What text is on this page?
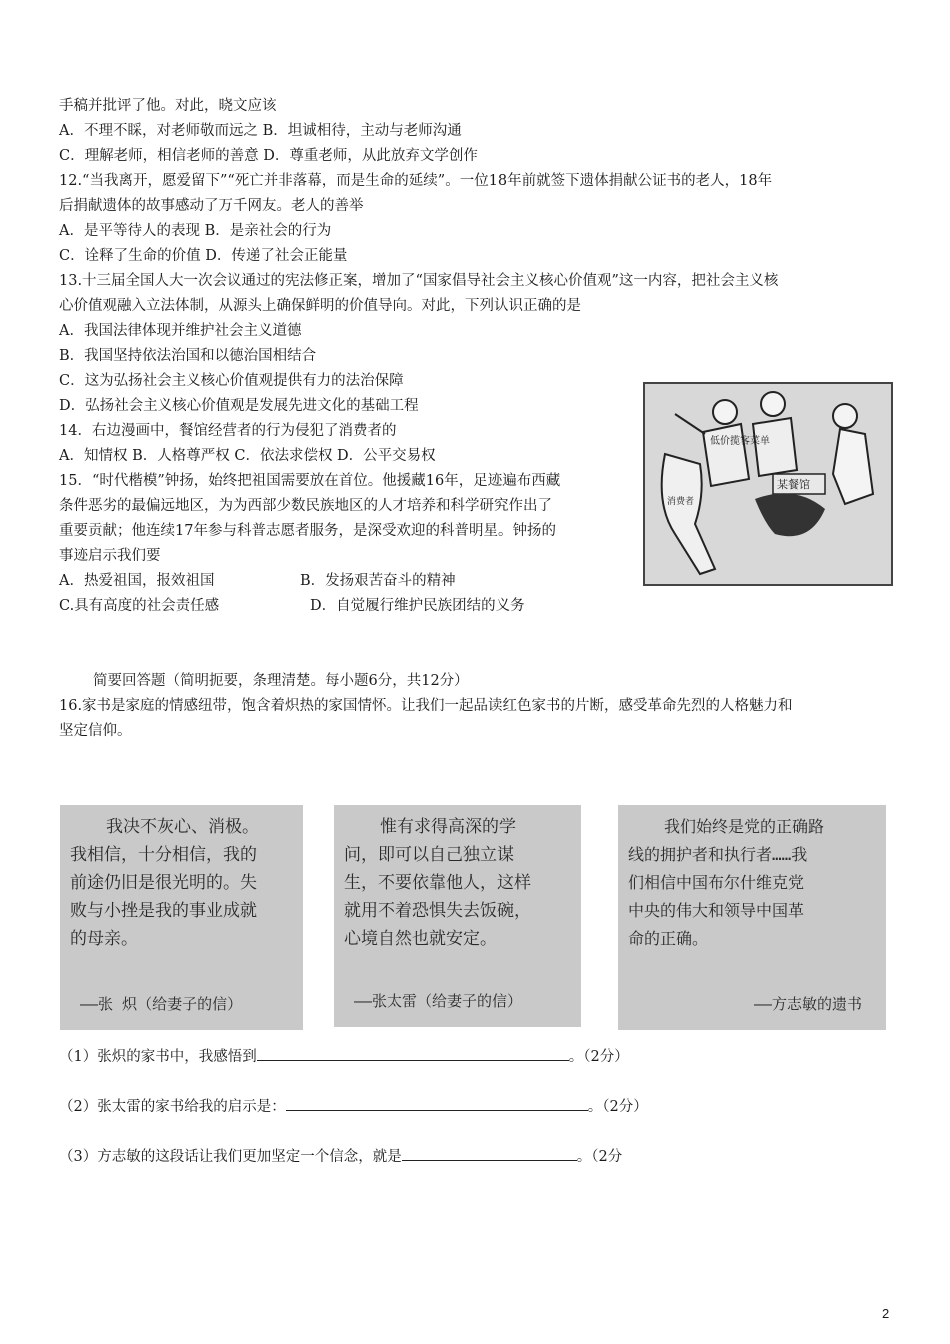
手稿并批评了他。对此，晓文应该
A．不理不睬，对老师敬而远之 B．坦诚相待，主动与老师沟通
C．理解老师，相信老师的善意 D．尊重老师，从此放弃文学创作
12.“当我离开，愿爱留下”“死亡并非落幕，而是生命的延续”。一位18年前就签下遗体捐献公证书的老人，18年
后捐献遗体的故事感动了万千网友。老人的善举
A．是平等待人的表现 B．是亲社会的行为
C．诠释了生命的价值 D．传递了社会正能量
13.十三届全国人大一次会议通过的宪法修正案，增加了“国家倡导社会主义核心价值观”这一内容，把社会主义核
心价值观融入立法体制，从源头上确保鲜明的价值导向。对此，下列认识正确的是
A．我国法律体现并维护社会主义道德
B．我国坚持依法治国和以德治国相结合
C．这为弘扬社会主义核心价值观提供有力的法治保障
D．弘扬社会主义核心价值观是发展先进文化的基础工程
14．右边漫画中，餐馆经营者的行为侵犯了消费者的
A．知情权 B．人格尊严权 C．依法求偿权 D．公平交易权
15．“时代楷模”钟扬，始终把祖国需要放在首位。他援藏16年，足迹遍布西藏
条件恶劣的最偏远地区，为为西部少数民族地区的人才培养和科学研究作出了
重要贡献；他连续17年参与科普志愿者服务，是深受欢迎的科普明星。钟扬的
事迹启示我们要
A．热爱祖国，报效祖国	B．发扬艰苦奋斗的精神
C.具有高度的社会责任感	D．自觉履行维护民族团结的义务
低价揽客菜单
消费者
某餐馆
简要回答题（简明扼要，条理清楚。每小题6分，共12分）
16.家书是家庭的情感纽带，饱含着炽热的家国情怀。让我们一起品读红色家书的片断，感受革命先烈的人格魅力和
坚定信仰。
我决不灰心、消极。
我相信，十分相信，我的
前途仍旧是很光明的。失
败与小挫是我的事业成就
的母亲。
——张 炽（给妻子的信）
惟有求得高深的学
问，即可以自己独立谋
生，不要依靠他人，这样
就用不着恐惧失去饭碗，
心境自然也就安定。
——张太雷（给妻子的信）
我们始终是党的正确路
线的拥护者和执行者……我
们相信中国布尔什维克党
中央的伟大和领导中国革
命的正确。
——方志敏的遗书
（1）张炽的家书中，我感悟到	。（2分）
（2）张太雷的家书给我的启示是：	。（2分）
（3）方志敏的这段话让我们更加坚定一个信念，就是	。（2分
2
